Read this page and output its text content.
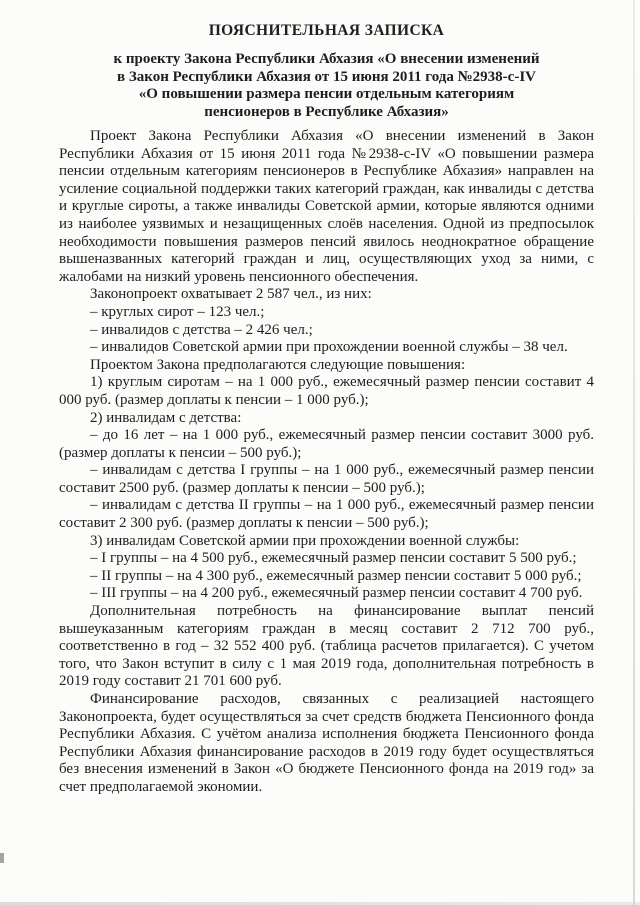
ПОЯСНИТЕЛЬНАЯ ЗАПИСКА
к проекту Закона Республики Абхазия «О внесении изменений
в Закон Республики Абхазия от 15 июня 2011 года №2938-с-IV
«О повышении размера пенсии отдельным категориям
пенсионеров в Республике Абхазия»

Проект Закона Республики Абхазия «О внесении изменений в Закон Республики Абхазия от 15 июня 2011 года №2938-с-IV «О повышении размера пенсии отдельным категориям пенсионеров в Республике Абхазия» направлен на усиление социальной поддержки таких категорий граждан, как инвалиды с детства и круглые сироты, а также инвалиды Советской армии, которые являются одними из наиболее уязвимых и незащищенных слоёв населения. Одной из предпосылок необходимости повышения размеров пенсий явилось неоднократное обращение вышеназванных категорий граждан и лиц, осуществляющих уход за ними, с жалобами на низкий уровень пенсионного обеспечения.

Законопроект охватывает 2 587 чел., из них:

– круглых сирот – 123 чел.;

– инвалидов с детства – 2 426 чел.;

– инвалидов Советской армии при прохождении военной службы – 38 чел.

Проектом Закона предполагаются следующие повышения:

1) круглым сиротам – на 1 000 руб., ежемесячный размер пенсии составит 4 000 руб. (размер доплаты к пенсии – 1 000 руб.);

2) инвалидам с детства:

– до 16 лет – на 1 000 руб., ежемесячный размер пенсии составит 3000 руб. (размер доплаты к пенсии – 500 руб.);

– инвалидам с детства I группы – на 1 000 руб., ежемесячный размер пенсии составит 2500 руб. (размер доплаты к пенсии – 500 руб.);

– инвалидам с детства II группы – на 1 000 руб., ежемесячный размер пенсии составит 2 300 руб. (размер доплаты к пенсии – 500 руб.);

3) инвалидам Советской армии при прохождении военной службы:

– I группы – на 4 500 руб., ежемесячный размер пенсии составит 5 500 руб.;

– II группы – на 4 300 руб., ежемесячный размер пенсии составит 5 000 руб.;

– III группы – на 4 200 руб., ежемесячный размер пенсии составит 4 700 руб.

Дополнительная потребность на финансирование выплат пенсий вышеуказанным категориям граждан в месяц составит 2 712 700 руб., соответственно в год – 32 552 400 руб. (таблица расчетов прилагается). С учетом того, что Закон вступит в силу с 1 мая 2019 года, дополнительная потребность в 2019 году составит 21 701 600 руб.

Финансирование расходов, связанных с реализацией настоящего Законопроекта, будет осуществляться за счет средств бюджета Пенсионного фонда Республики Абхазия. С учётом анализа исполнения бюджета Пенсионного фонда Республики Абхазия финансирование расходов в 2019 году будет осуществляться без внесения изменений в Закон «О бюджете Пенсионного фонда на 2019 год» за счет предполагаемой экономии.
